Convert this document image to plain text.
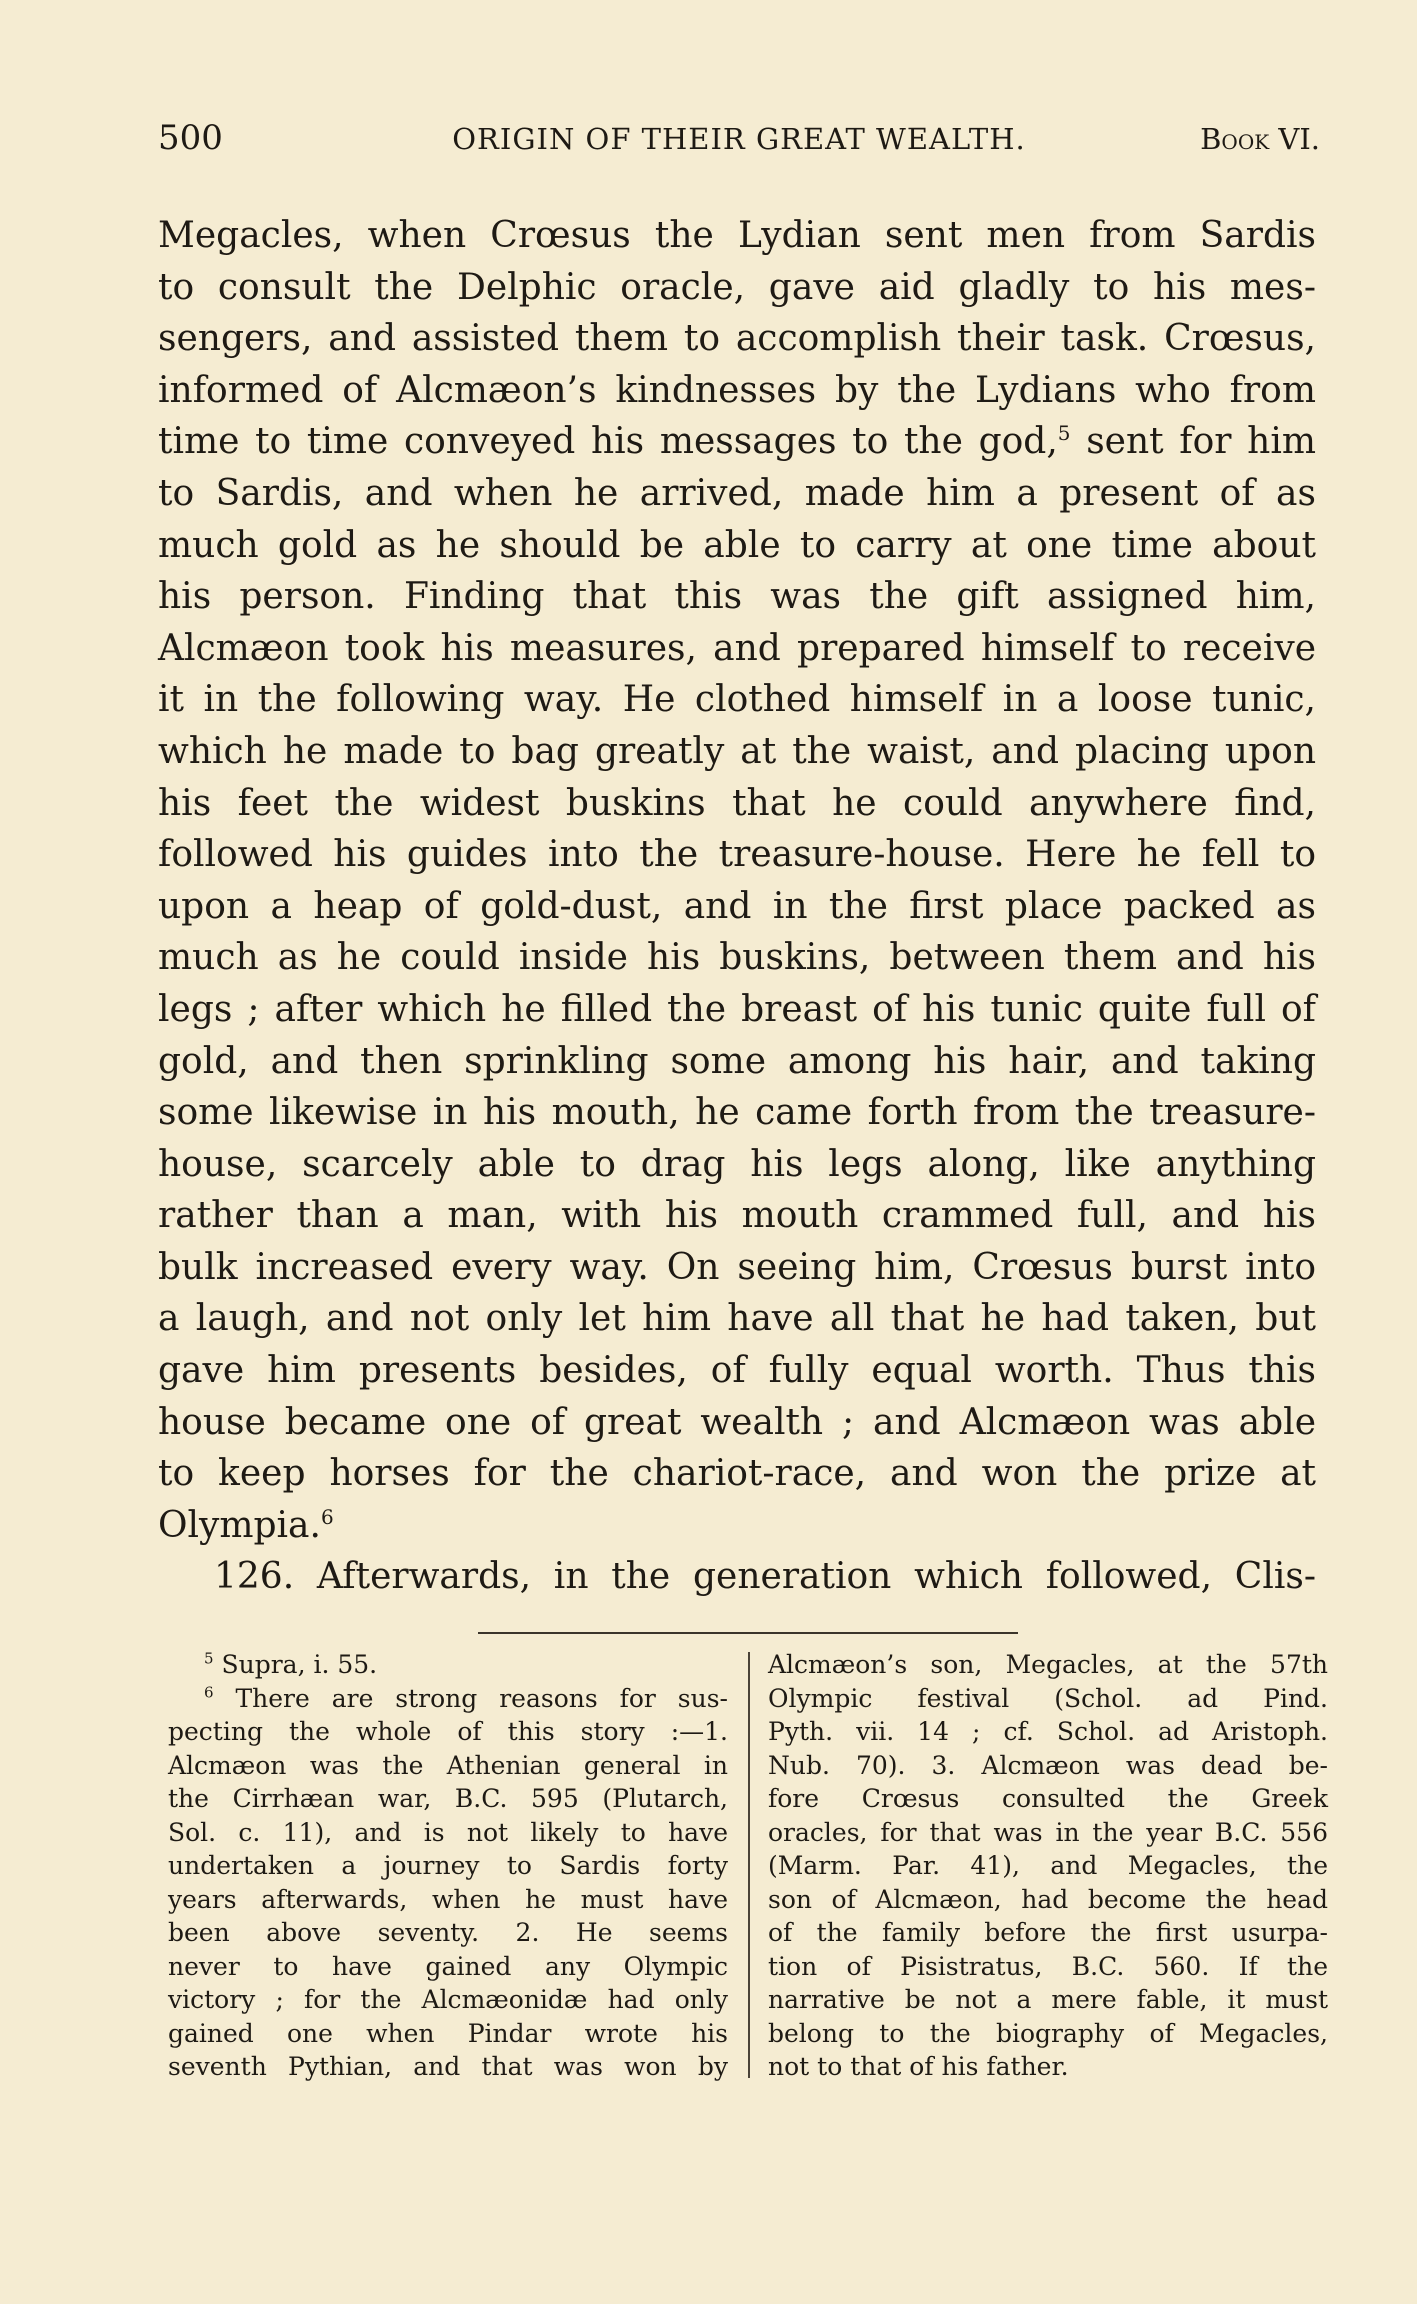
500	ORIGIN OF THEIR GREAT WEALTH.	Book VI.
Megacles, when Crœsus the Lydian sent men from Sardis
to consult the Delphic oracle, gave aid gladly to his mes-
sengers, and assisted them to accomplish their task. Crœsus,
informed of Alcmæon’s kindnesses by the Lydians who from
time to time conveyed his messages to the god,$^5$ sent for him
to Sardis, and when he arrived, made him a present of as
much gold as he should be able to carry at one time about
his person. Finding that this was the gift assigned him,
Alcmæon took his measures, and prepared himself to receive
it in the following way. He clothed himself in a loose tunic,
which he made to bag greatly at the waist, and placing upon
his feet the widest buskins that he could anywhere find,
followed his guides into the treasure-house. Here he fell to
upon a heap of gold-dust, and in the first place packed as
much as he could inside his buskins, between them and his
legs ; after which he filled the breast of his tunic quite full of
gold, and then sprinkling some among his hair, and taking
some likewise in his mouth, he came forth from the treasure-
house, scarcely able to drag his legs along, like anything
rather than a man, with his mouth crammed full, and his
bulk increased every way. On seeing him, Crœsus burst into
a laugh, and not only let him have all that he had taken, but
gave him presents besides, of fully equal worth. Thus this
house became one of great wealth ; and Alcmæon was able
to keep horses for the chariot-race, and won the prize at
Olympia.$^6$
126. Afterwards, in the generation which followed, Clis-
$^5$ Supra, i. 55.
$^6$ There are strong reasons for sus-
pecting the whole of this story :—1.
Alcmæon was the Athenian general in
the Cirrhæan war, B.C. 595 (Plutarch,
Sol. c. 11), and is not likely to have
undertaken a journey to Sardis forty
years afterwards, when he must have
been above seventy. 2. He seems
never to have gained any Olympic
victory ; for the Alcmæonidæ had only
gained one when Pindar wrote his
seventh Pythian, and that was won by
Alcmæon’s son, Megacles, at the 57th
Olympic festival (Schol. ad Pind.
Pyth. vii. 14 ; cf. Schol. ad Aristoph.
Nub. 70). 3. Alcmæon was dead be-
fore Crœsus consulted the Greek
oracles, for that was in the year B.C. 556
(Marm. Par. 41), and Megacles, the
son of Alcmæon, had become the head
of the family before the first usurpa-
tion of Pisistratus, B.C. 560. If the
narrative be not a mere fable, it must
belong to the biography of Megacles,
not to that of his father.
